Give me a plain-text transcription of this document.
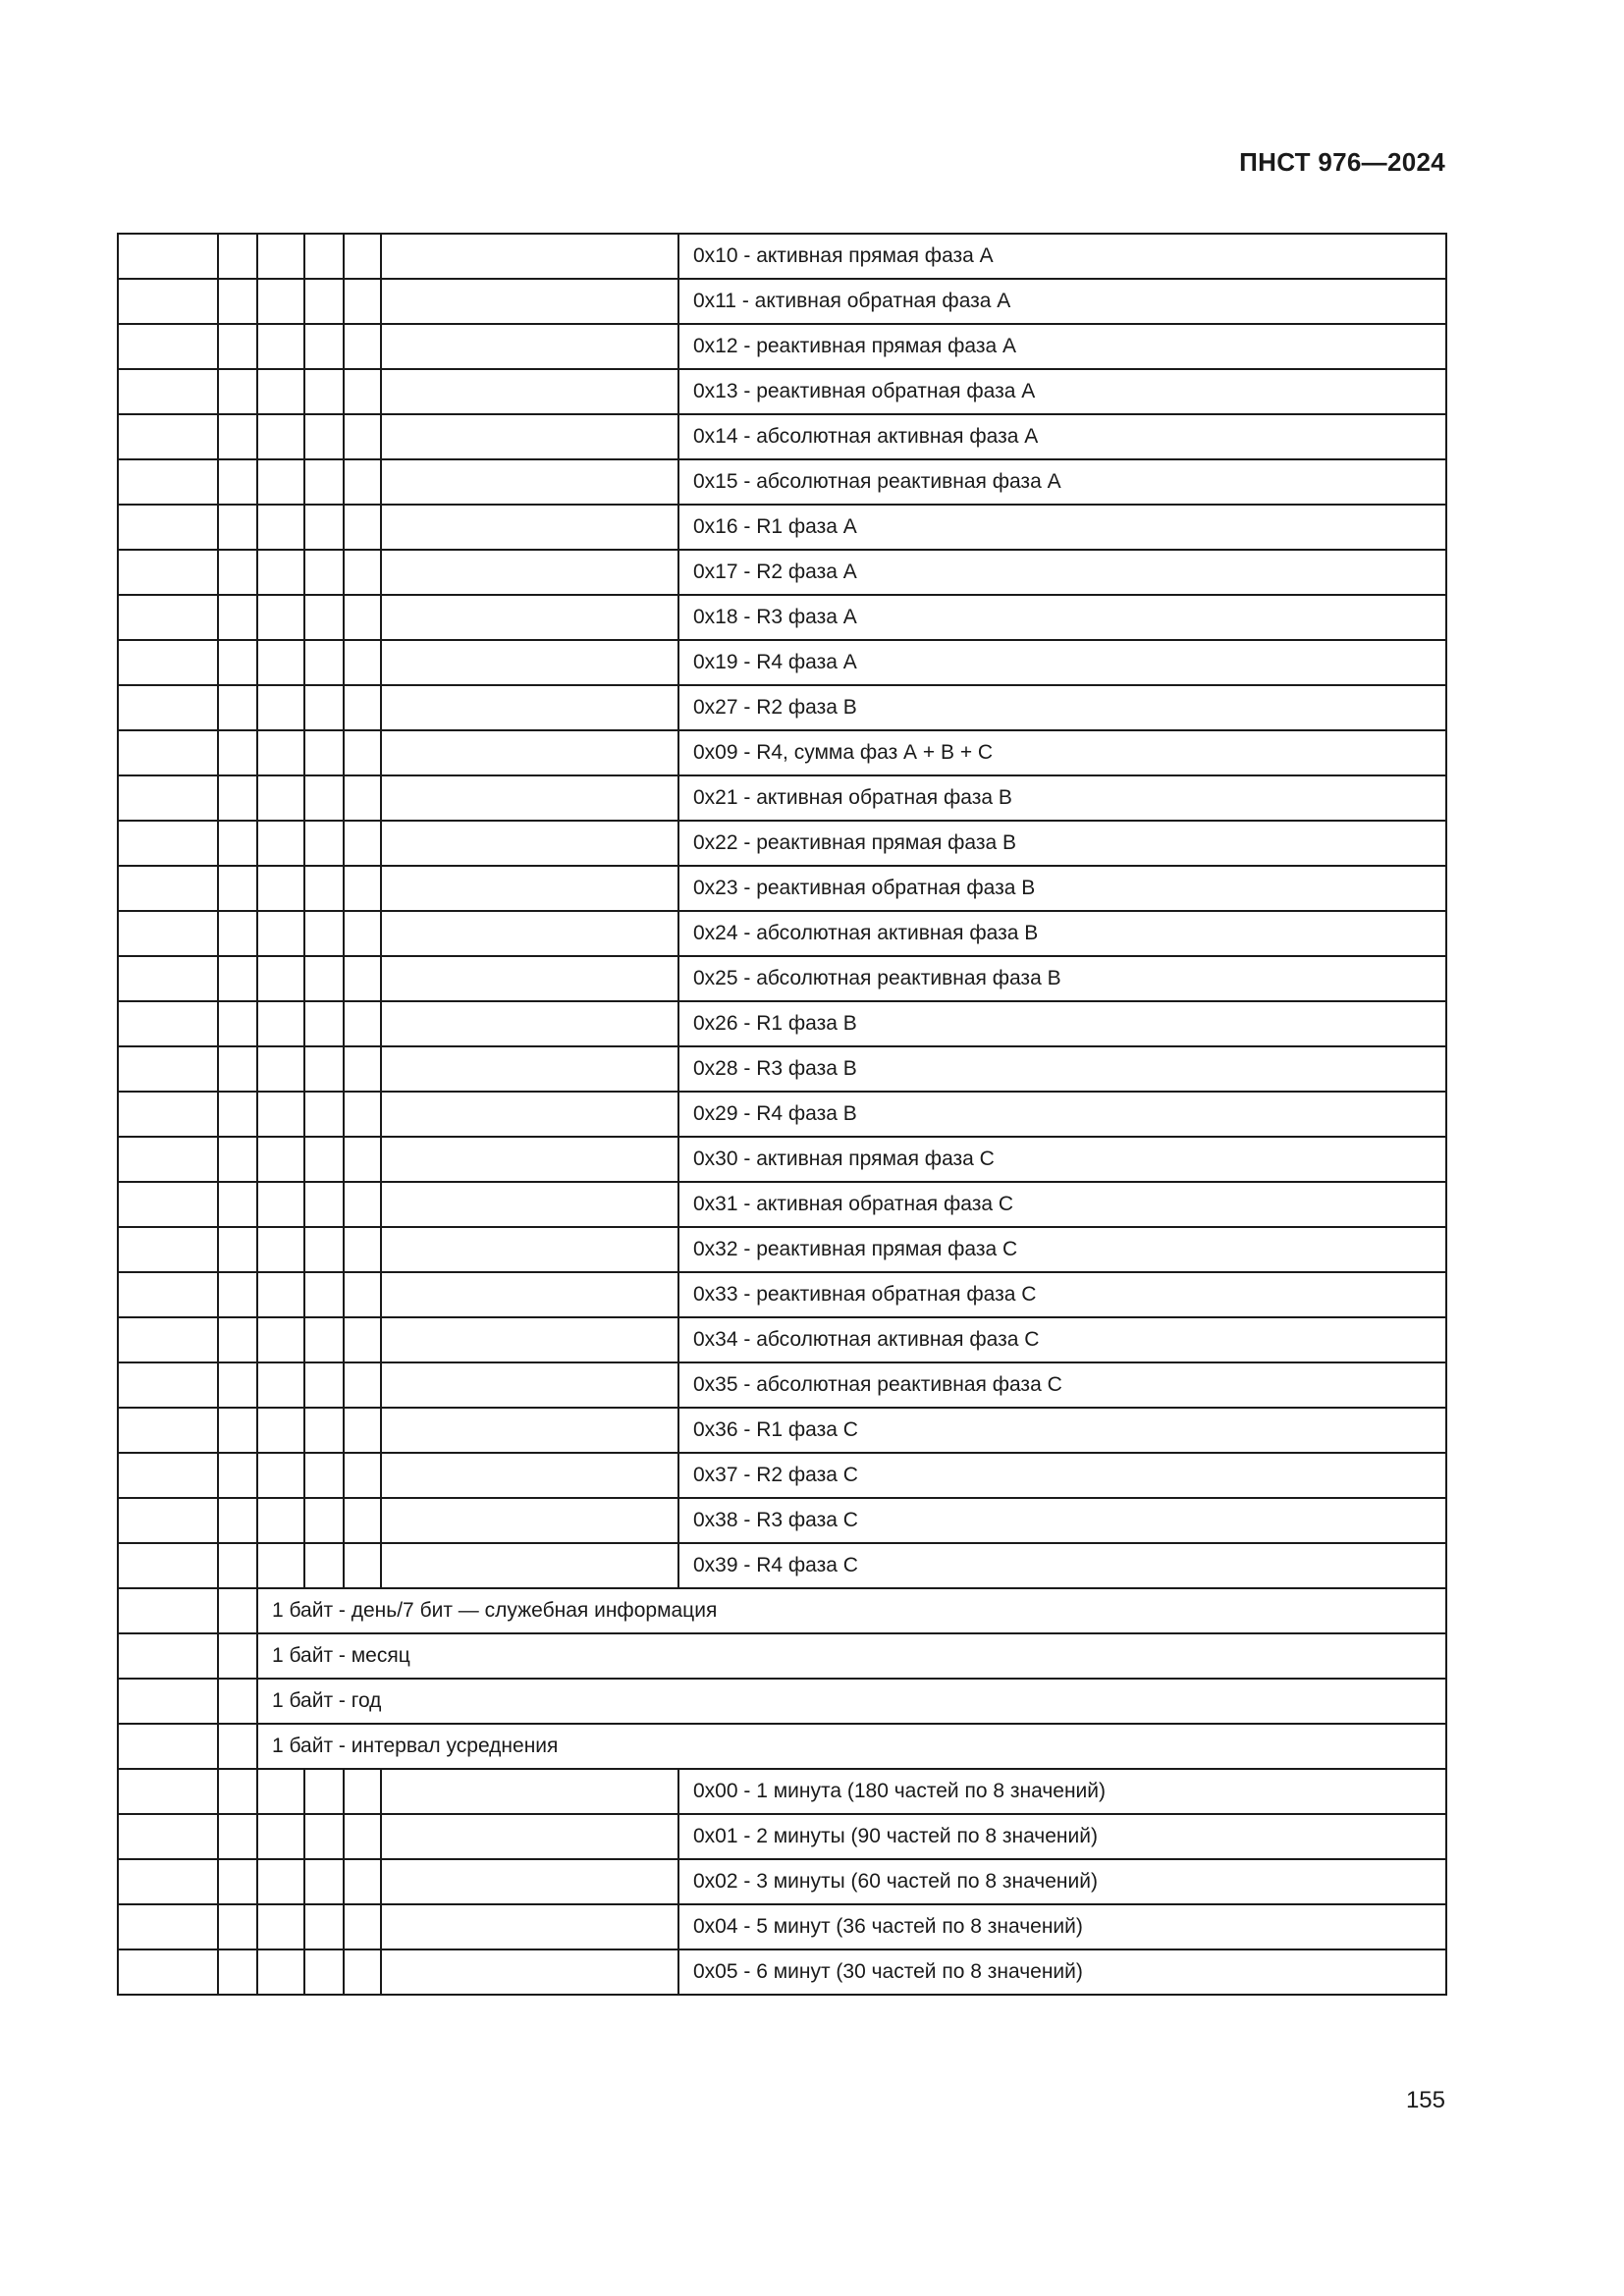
ПНСТ 976—2024
						0x10 - активная прямая фаза А
						0x11 - активная обратная фаза А
						0x12 - реактивная прямая фаза А
						0x13 - реактивная обратная фаза А
						0x14 - абсолютная активная фаза А
						0x15 - абсолютная реактивная фаза А
						0x16 - R1 фаза А
						0x17 - R2 фаза А
						0x18 - R3 фаза А
						0x19 - R4 фаза А
						0x27 - R2 фаза В
						0x09 - R4, сумма фаз А + В + С
						0x21 - активная обратная фаза В
						0x22 - реактивная прямая фаза В
						0x23 - реактивная обратная фаза В
						0x24 - абсолютная активная фаза В
						0x25 - абсолютная реактивная фаза В
						0x26 - R1 фаза В
						0x28 - R3 фаза В
						0x29 - R4 фаза В
						0x30 - активная прямая фаза С
						0x31 - активная обратная фаза С
						0x32 - реактивная прямая фаза С
						0x33 - реактивная обратная фаза С
						0x34 - абсолютная активная фаза С
						0x35 - абсолютная реактивная фаза С
						0x36 - R1 фаза С
						0x37 - R2 фаза С
						0x38 - R3 фаза С
						0x39 - R4 фаза С
		1 байт - день/7 бит — служебная информация				
		1 байт - месяц				
		1 байт - год				
		1 байт - интервал усреднения				
						0x00 - 1 минута (180 частей по 8 значений)
						0x01 - 2 минуты (90 частей по 8 значений)
						0x02 - 3 минуты (60 частей по 8 значений)
						0x04 - 5 минут (36 частей по 8 значений)
						0x05 - 6 минут (30 частей по 8 значений)
155
